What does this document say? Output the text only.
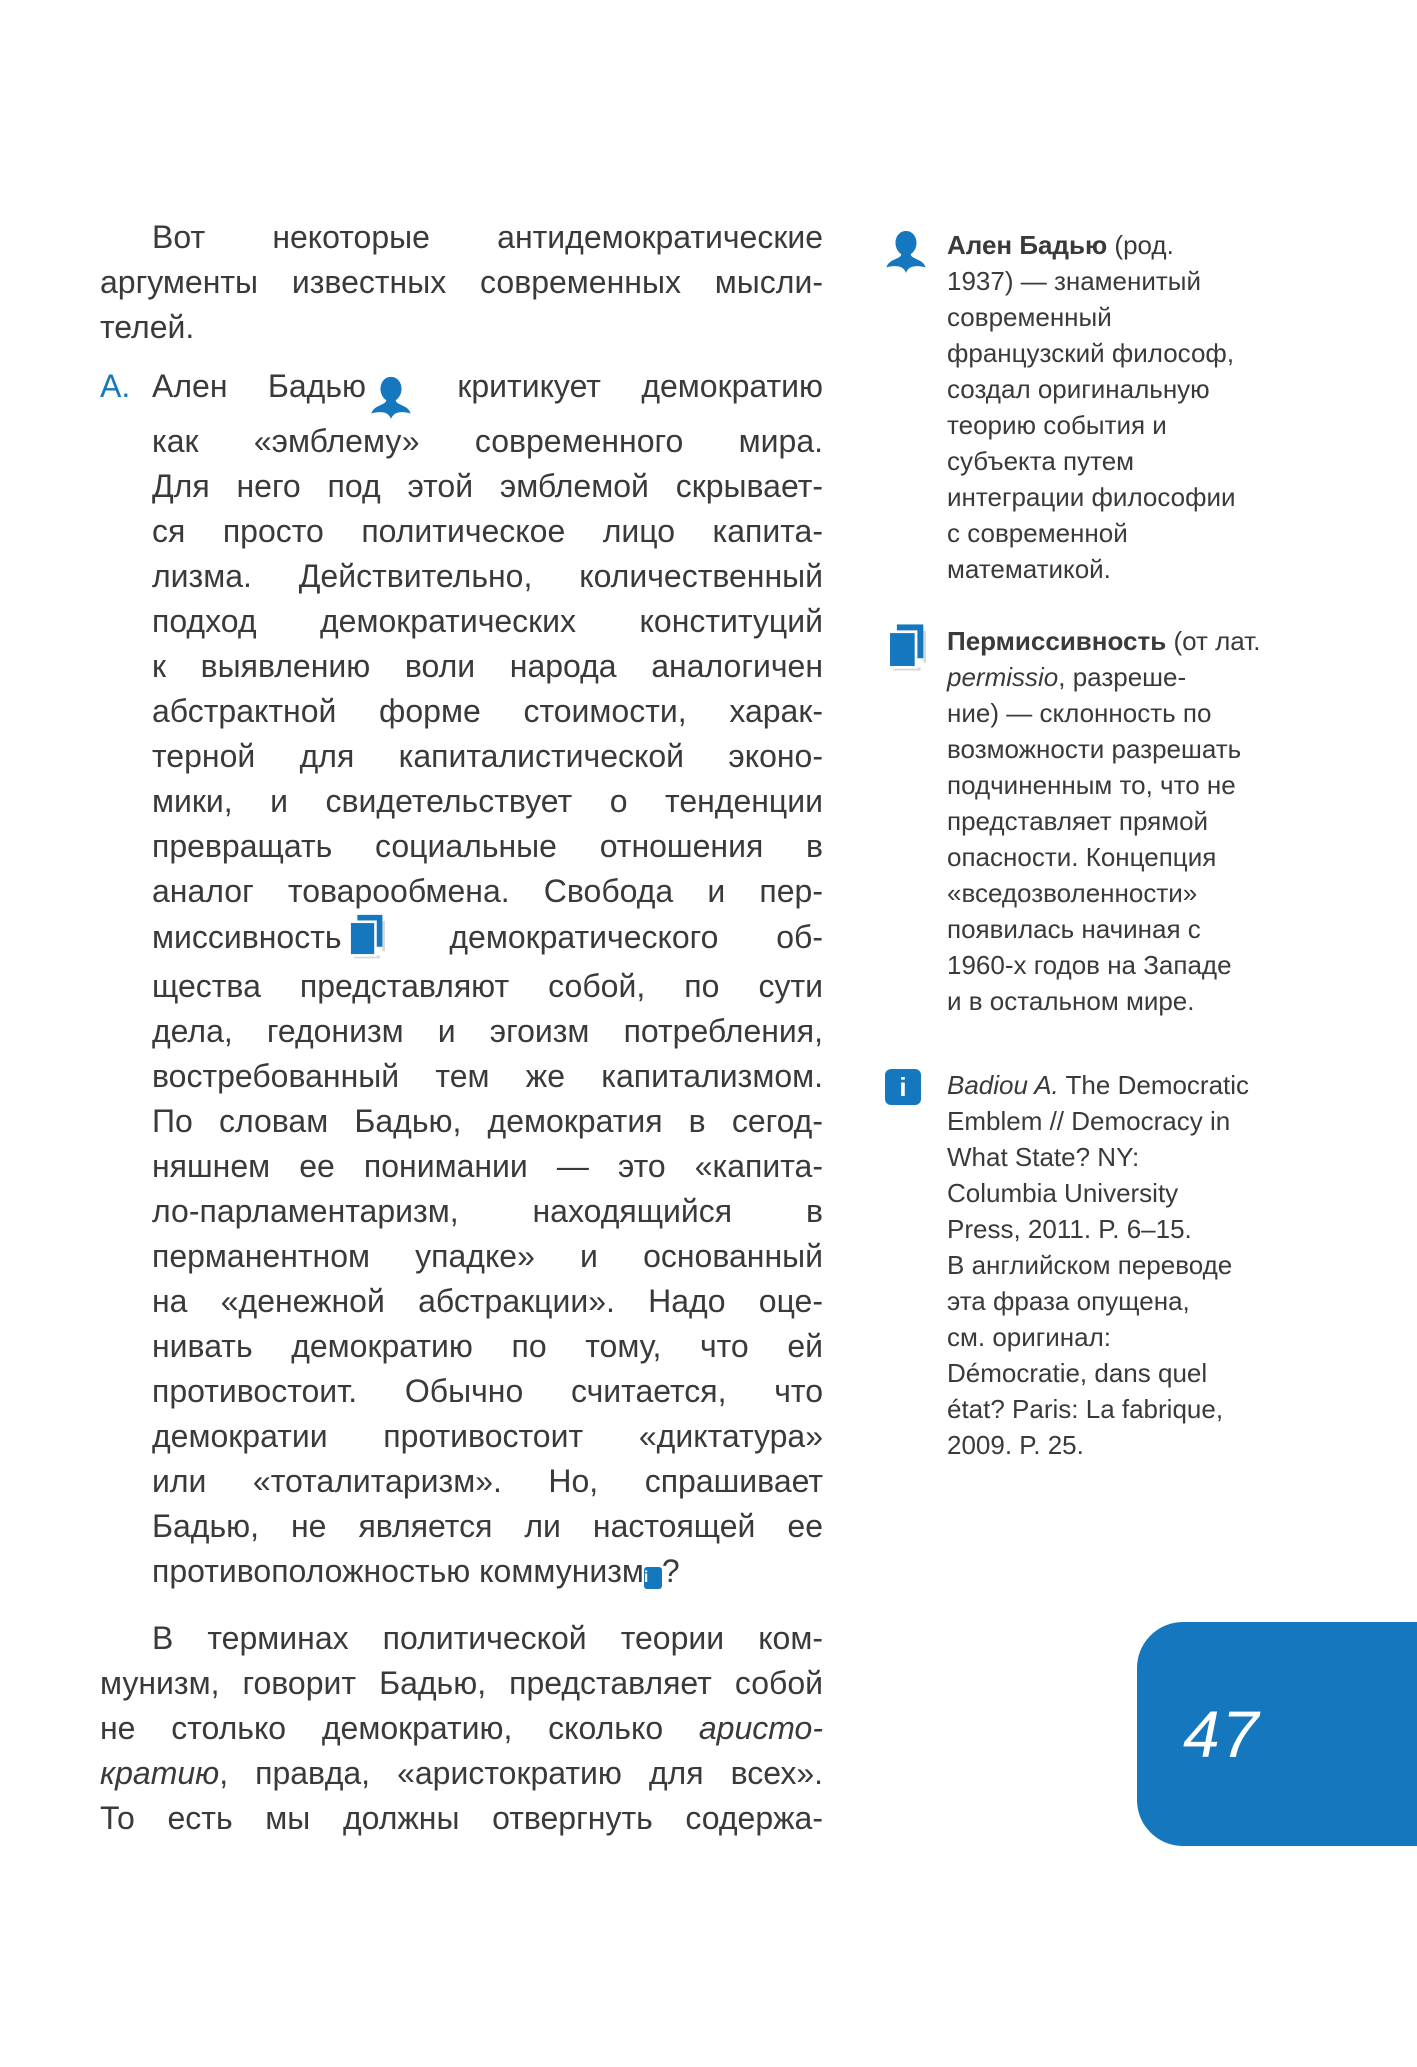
Вот некоторые антидемократические
аргументы известных современных мысли-
телей.
А. Ален Бадью
критикует демократию
как «эмблему» современного мира.
Для него под этой эмблемой скрывает-
ся просто политическое лицо капита-
лизма. Действительно, количественный
подход демократических конституций
к выявлению воли народа аналогичен
абстрактной форме стоимости, харак-
терной для капиталистической эконо-
мики, и свидетельствует о тенденции
превращать социальные отношения в
аналог товарообмена. Свобода и пер-
миссивность
демократического об-
щества представляют собой, по сути
дела, гедонизм и эгоизм потребления,
востребованный тем же капитализмом.
По словам Бадью, демократия в сегод-
няшнем ее понимании — это «капита-
ло-парламентаризм, находящийся в
перманентном упадке» и основанный
на «денежной абстракции». Надо оце-
нивать демократию по тому, что ей
противостоит. Обычно считается, что
демократии противостоит «диктатура»
или «тоталитаризм». Но, спрашивает
Бадью, не является ли настоящей ее
противоположностью коммунизмi ?
В терминах политической теории ком-
мунизм, говорит Бадью, представляет собой
не столько демократию, сколько аристо-
кратию, правда, «аристократию для всех».
То есть мы должны отвергнуть содержа-
Ален Бадью (род.
1937) — знаменитый
современный
французский философ,
создал оригинальную
теорию события и
субъекта путем
интеграции философии
с современной
математикой.
Пермиссивность (от лат.
permissio, разреше-
ние) — склонность по
возможности разрешать
подчиненным то, что не
представляет прямой
опасности. Концепция
«вседозволенности»
появилась начиная с
1960-х годов на Западе
и в остальном мире.
i	Badiou A. The Democratic
Emblem // Democracy in
What State? NY:
Columbia University
Press, 2011. P. 6–15.
В английском переводе
эта фраза опущена,
см. оригинал:
Démocratie, dans quel
état? Paris: La fabrique,
2009. P. 25.
47
